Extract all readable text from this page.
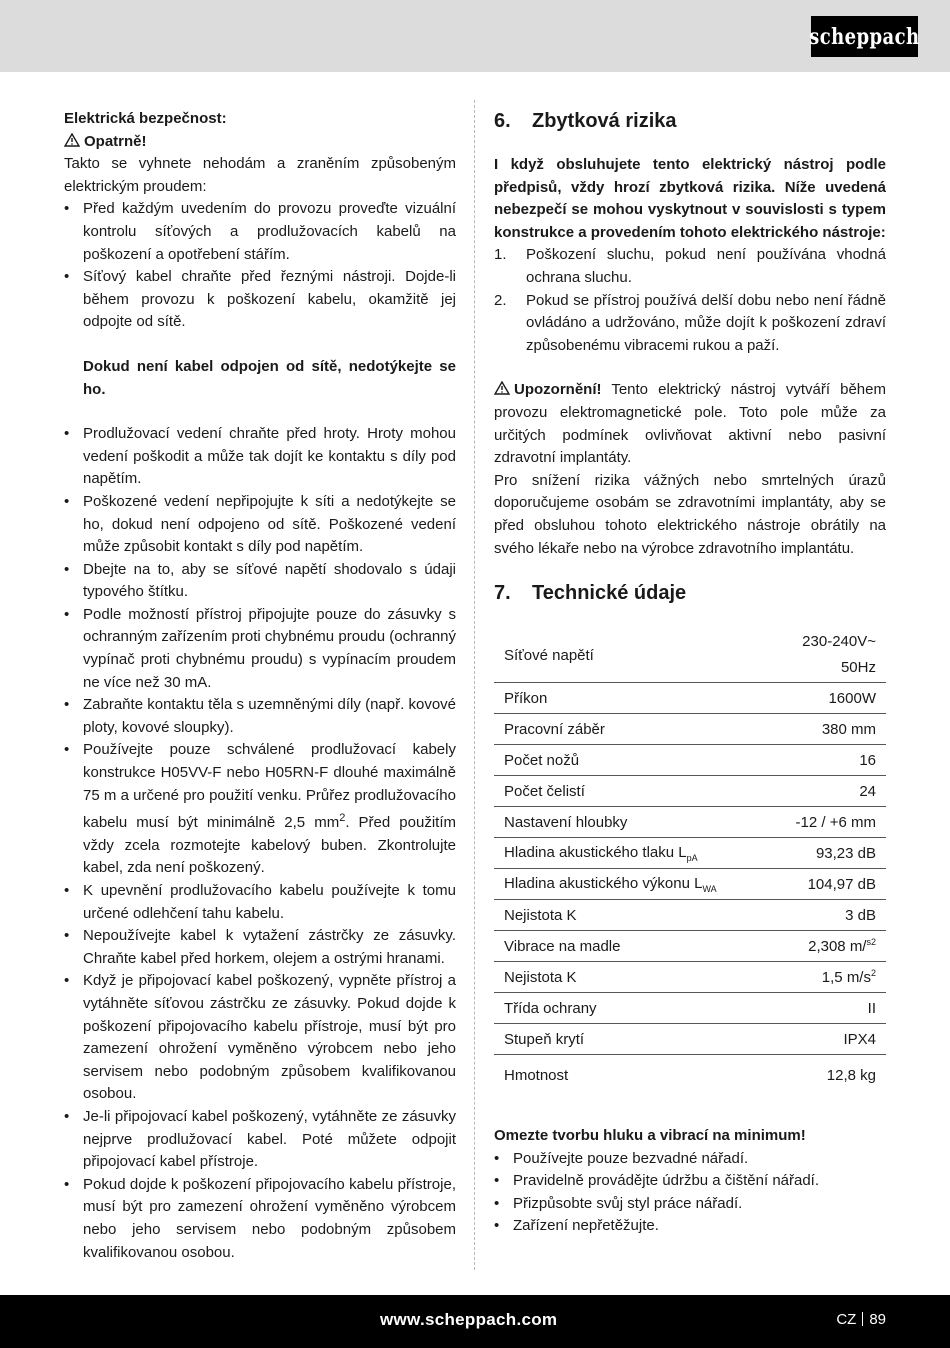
scheppach

Elektrická bezpečnost:

Opatrně!

Takto se vyhnete nehodám a zraněním způsobeným elektrickým proudem:

• Před každým uvedením do provozu proveďte vizuální kontrolu síťových a prodlužovacích kabelů na poškození a opotřebení stářím.
• Síťový kabel chraňte před řeznými nástroji. Dojde-li během provozu k poškození kabelu, okamžitě jej odpojte od sítě.

Dokud není kabel odpojen od sítě, nedotýkejte se ho.

• Prodlužovací vedení chraňte před hroty. Hroty mohou vedení poškodit a může tak dojít ke kontaktu s díly pod napětím.
• Poškozené vedení nepřipojujte k síti a nedotýkejte se ho, dokud není odpojeno od sítě. Poškozené vedení může způsobit kontakt s díly pod napětím.
• Dbejte na to, aby se síťové napětí shodovalo s údaji typového štítku.
• Podle možností přístroj připojujte pouze do zásuvky s ochranným zařízením proti chybnému proudu (ochranný vypínač proti chybnému proudu) s vypínacím proudem ne více než 30 mA.
• Zabraňte kontaktu těla s uzemněnými díly (např. kovové ploty, kovové sloupky).
• Používejte pouze schválené prodlužovací kabely konstrukce H05VV-F nebo H05RN-F dlouhé maximálně 75 m a určené pro použití venku. Průřez prodlužovacího kabelu musí být minimálně 2,5 $mm^2$. Před použitím vždy zcela rozmotejte kabelový buben. Zkontrolujte kabel, zda není poškozený.
• K upevnění prodlužovacího kabelu používejte k tomu určené odlehčení tahu kabelu.
• Nepoužívejte kabel k vytažení zástrčky ze zásuvky. Chraňte kabel před horkem, olejem a ostrými hranami.
• Když je připojovací kabel poškozený, vypněte přístroj a vytáhněte síťovou zástrčku ze zásuvky. Pokud dojde k poškození připojovacího kabelu přístroje, musí být pro zamezení ohrožení vyměněno výrobcem nebo jeho servisem nebo podobným způsobem kvalifikovanou osobou.
• Je-li připojovací kabel poškozený, vytáhněte ze zásuvky nejprve prodlužovací kabel. Poté můžete odpojit připojovací kabel přístroje.
• Pokud dojde k poškození připojovacího kabelu přístroje, musí být pro zamezení ohrožení vyměněno výrobcem nebo jeho servisem nebo podobným způsobem kvalifikovanou osobou.
6.	Zbytková rizika

I když obsluhujete tento elektrický nástroj podle předpisů, vždy hrozí zbytková rizika. Níže uvedená nebezpečí se mohou vyskytnout v souvislosti s typem konstrukce a provedením tohoto elektrického nástroje:

1. Poškození sluchu, pokud není používána vhodná ochrana sluchu.
2. Pokud se přístroj používá delší dobu nebo není řádně ovládáno a udržováno, může dojít k poškození zdraví způsobenému vibracemi rukou a paží.

Upozornění! Tento elektrický nástroj vytváří během provozu elektromagnetické pole. Toto pole může za určitých podmínek ovlivňovat aktivní nebo pasivní zdravotní implantáty.

Pro snížení rizika vážných nebo smrtelných úrazů doporučujeme osobám se zdravotními implantáty, aby se před obsluhou tohoto elektrického nástroje obrátily na svého lékaře nebo na výrobce zdravotního implantátu.

7.	Technické údaje
Síťové napětí	230-240V~
50Hz
Příkon	1600W
Pracovní záběr	380 mm
Počet nožů	16
Počet čelistí	24
Nastavení hloubky	-12 / +6 mm
Hladina akustického tlaku $L_{pA}$	93,23 dB
Hladina akustického výkonu $L_{WA}$	104,97 dB
Nejistota K	3 dB
Vibrace na madle	2,308 m/$^{s2}$
Nejistota K	1,5 $m/s^2$
Třída ochrany	II
Stupeň krytí	IPX4
Hmotnost	12,8 kg

Omezte tvorbu hluku a vibrací na minimum!

• Používejte pouze bezvadné nářadí.
• Pravidelně provádějte údržbu a čištění nářadí.
• Přizpůsobte svůj styl práce nářadí.
• Zařízení nepřetěžujte.
www.scheppach.com	CZ 89
